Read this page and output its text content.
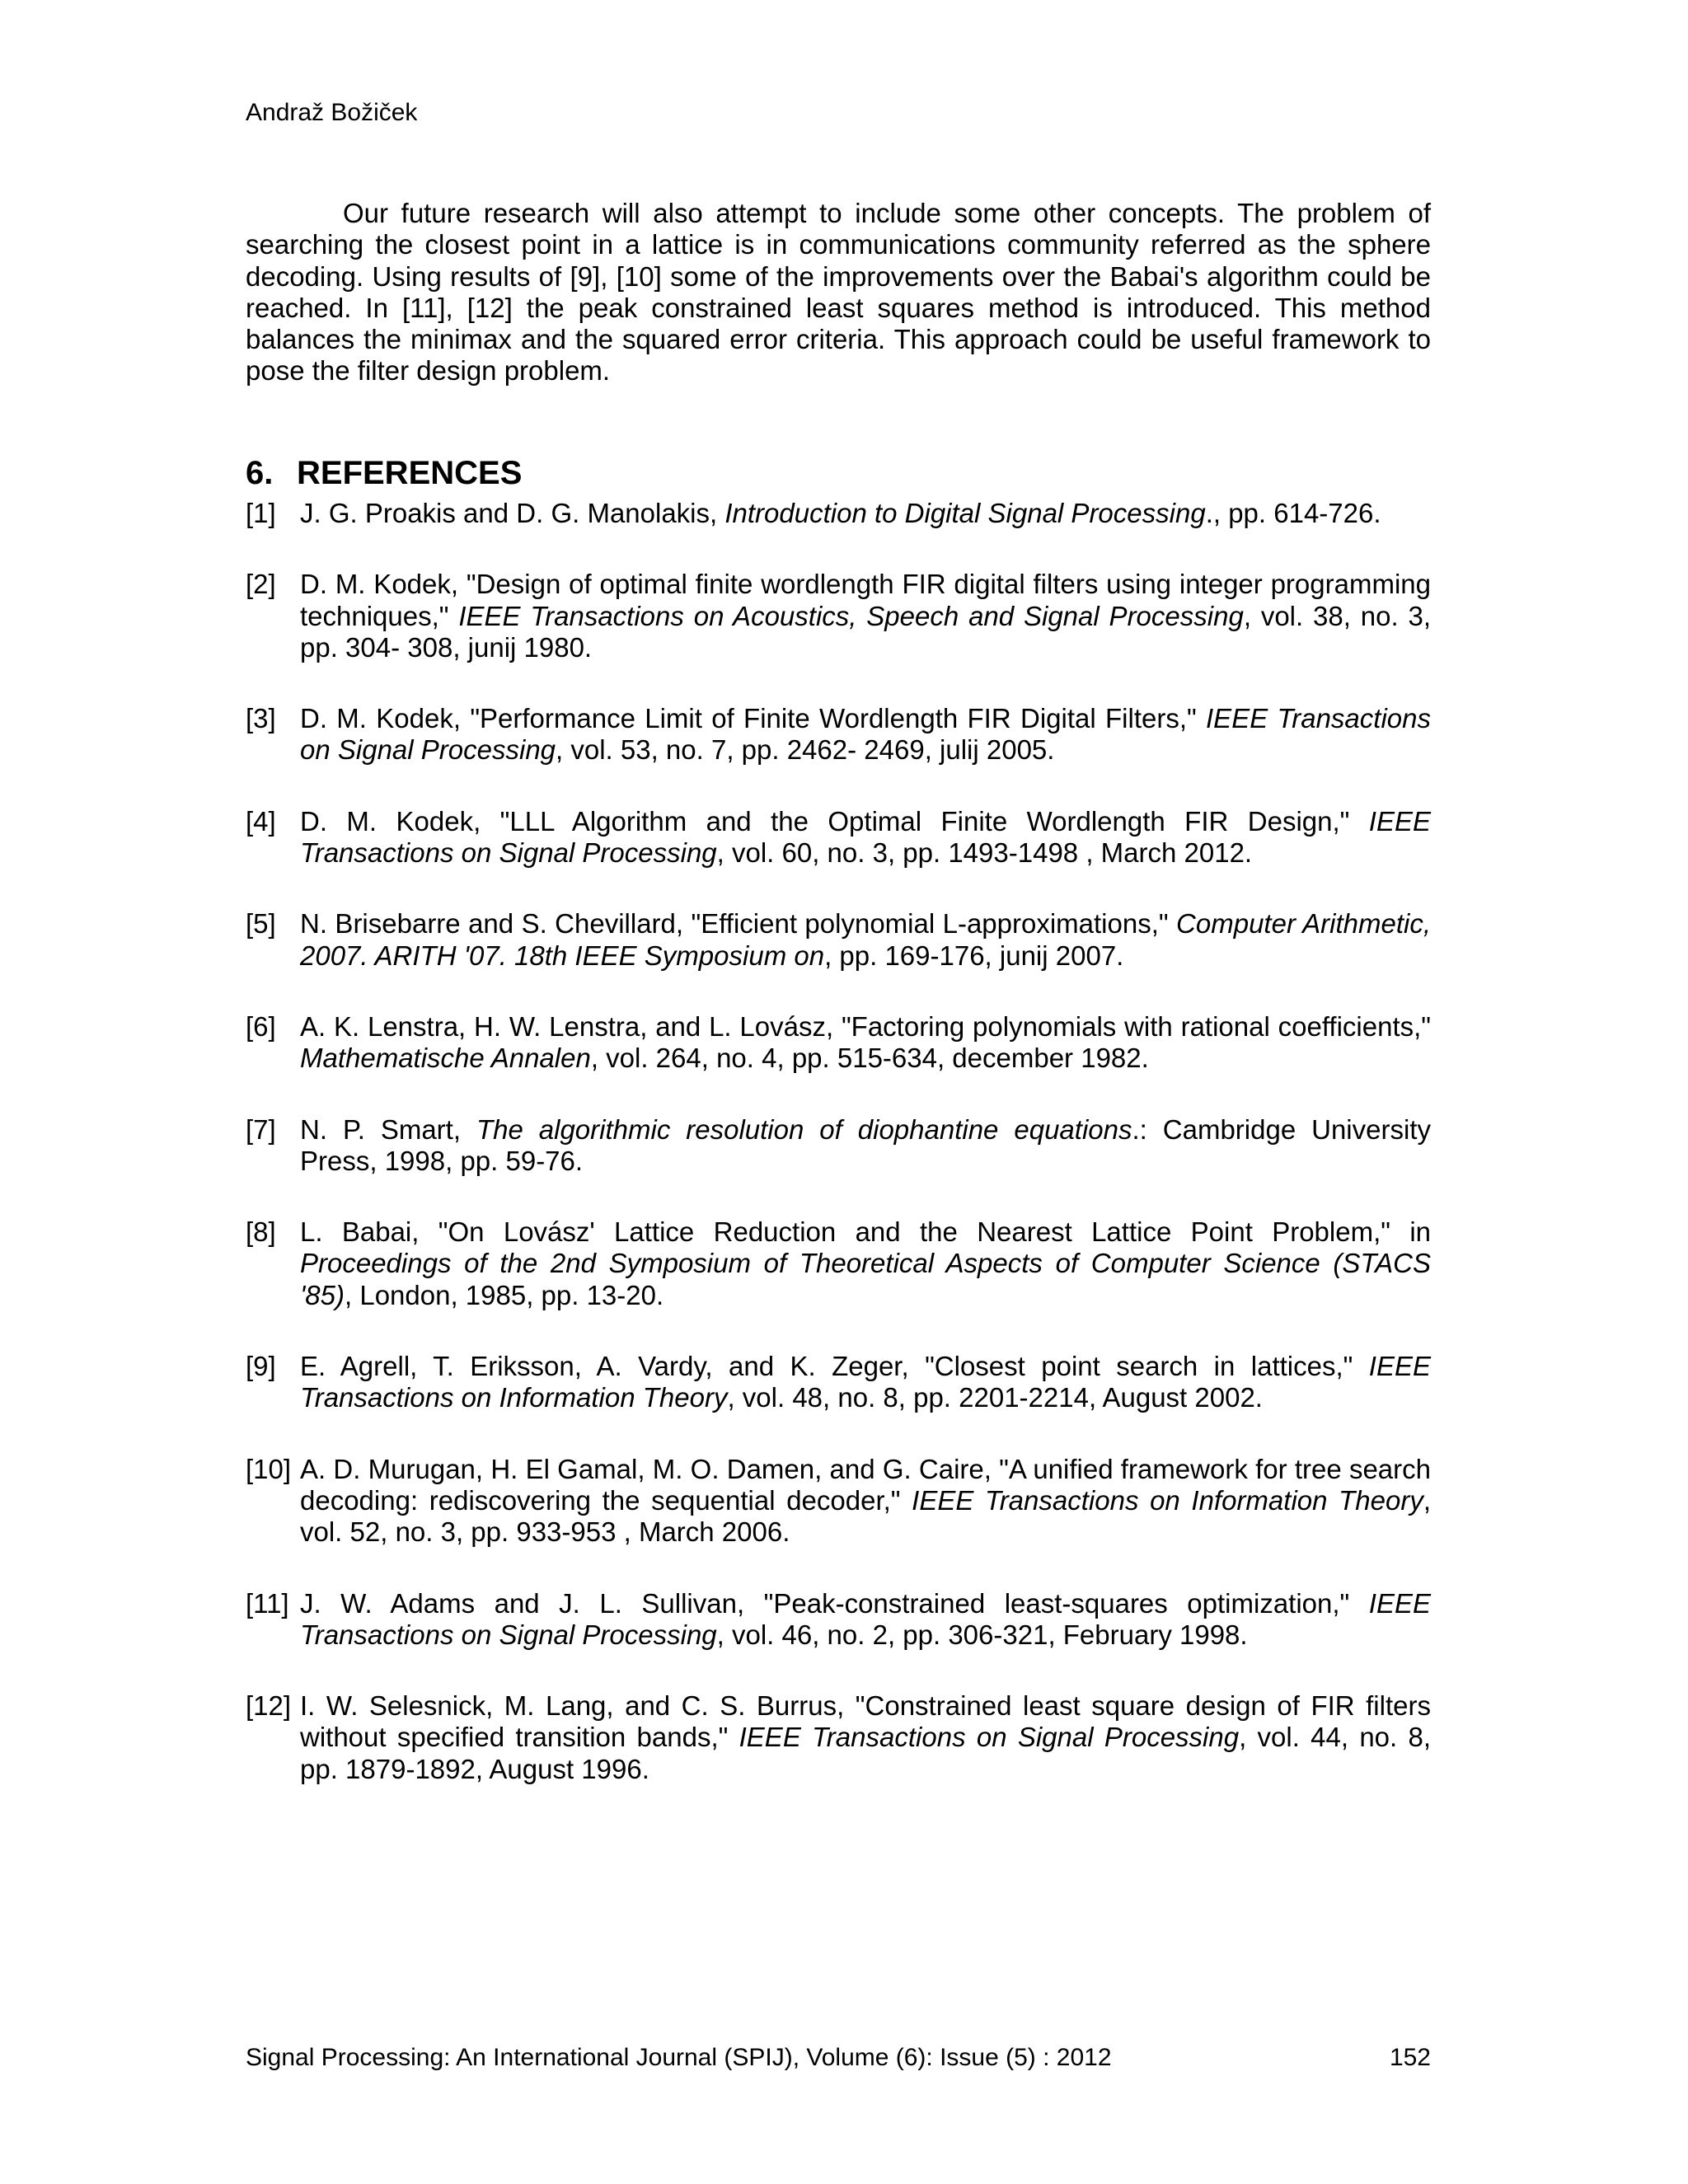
Andraž Božiček

Our future research will also attempt to include some other concepts. The problem of searching the closest point in a lattice is in communications community referred as the sphere decoding. Using results of [9], [10] some of the improvements over the Babai's algorithm could be reached. In [11], [12] the peak constrained least squares method is introduced. This method balances the minimax and the squared error criteria. This approach could be useful framework to pose the filter design problem.

6. REFERENCES
[1] J. G. Proakis and D. G. Manolakis, Introduction to Digital Signal Processing., pp. 614-726.
[2] D. M. Kodek, "Design of optimal finite wordlength FIR digital filters using integer programming techniques," IEEE Transactions on Acoustics, Speech and Signal Processing, vol. 38, no. 3, pp. 304- 308, junij 1980.
[3] D. M. Kodek, "Performance Limit of Finite Wordlength FIR Digital Filters," IEEE Transactions on Signal Processing, vol. 53, no. 7, pp. 2462- 2469, julij 2005.
[4] D. M. Kodek, "LLL Algorithm and the Optimal Finite Wordlength FIR Design," IEEE Transactions on Signal Processing, vol. 60, no. 3, pp. 1493-1498 , March 2012.
[5] N. Brisebarre and S. Chevillard, "Efficient polynomial L-approximations," Computer Arithmetic, 2007. ARITH '07. 18th IEEE Symposium on, pp. 169-176, junij 2007.
[6] A. K. Lenstra, H. W. Lenstra, and L. Lovász, "Factoring polynomials with rational coefficients," Mathematische Annalen, vol. 264, no. 4, pp. 515-634, december 1982.
[7] N. P. Smart, The algorithmic resolution of diophantine equations.: Cambridge University Press, 1998, pp. 59-76.
[8] L. Babai, "On Lovász' Lattice Reduction and the Nearest Lattice Point Problem," in Proceedings of the 2nd Symposium of Theoretical Aspects of Computer Science (STACS '85), London, 1985, pp. 13-20.
[9] E. Agrell, T. Eriksson, A. Vardy, and K. Zeger, "Closest point search in lattices," IEEE Transactions on Information Theory, vol. 48, no. 8, pp. 2201-2214, August 2002.
[10] A. D. Murugan, H. El Gamal, M. O. Damen, and G. Caire, "A unified framework for tree search decoding: rediscovering the sequential decoder," IEEE Transactions on Information Theory, vol. 52, no. 3, pp. 933-953 , March 2006.
[11] J. W. Adams and J. L. Sullivan, "Peak-constrained least-squares optimization," IEEE Transactions on Signal Processing, vol. 46, no. 2, pp. 306-321, February 1998.
[12] I. W. Selesnick, M. Lang, and C. S. Burrus, "Constrained least square design of FIR filters without specified transition bands," IEEE Transactions on Signal Processing, vol. 44, no. 8, pp. 1879-1892, August 1996.
Signal Processing: An International Journal (SPIJ), Volume (6): Issue (5) : 2012	152
